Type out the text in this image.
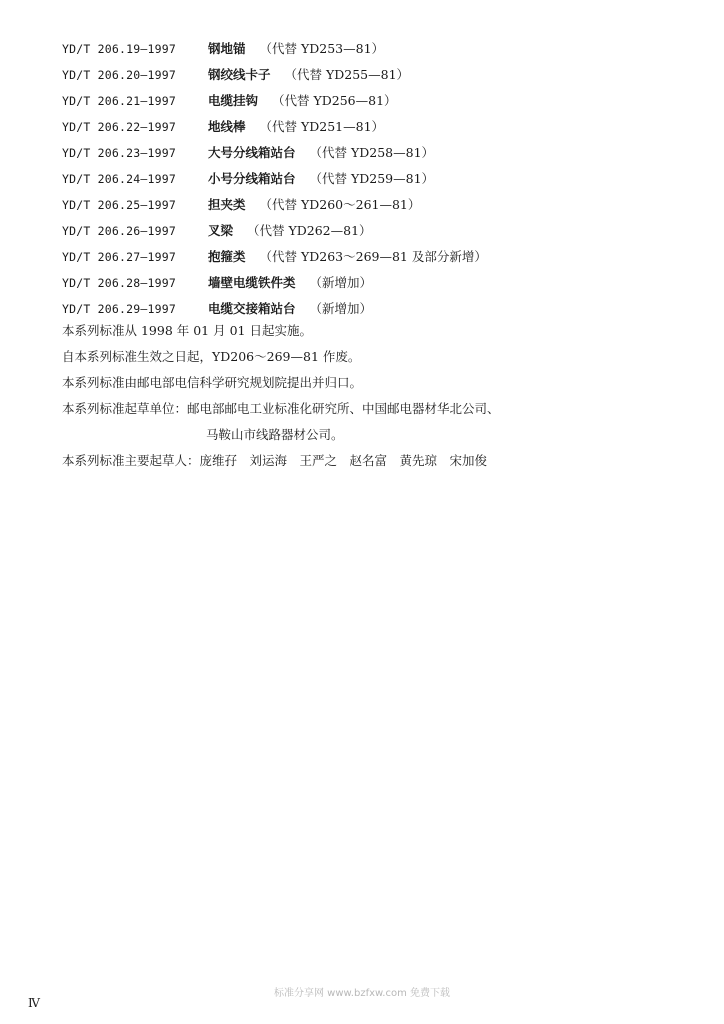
YD/T 206.19—1997	钢地锚 （代替 YD253—81）
YD/T 206.20—1997	钢绞线卡子 （代替 YD255—81）
YD/T 206.21—1997	电缆挂钩 （代替 YD256—81）
YD/T 206.22—1997	地线棒 （代替 YD251—81）
YD/T 206.23—1997	大号分线箱站台 （代替 YD258—81）
YD/T 206.24—1997	小号分线箱站台 （代替 YD259—81）
YD/T 206.25—1997	担夹类 （代替 YD260～261—81）
YD/T 206.26—1997	叉梁 （代替 YD262—81）
YD/T 206.27—1997	抱箍类 （代替 YD263～269—81 及部分新增）
YD/T 206.28—1997	墙壁电缆铁件类 （新增加）
YD/T 206.29—1997	电缆交接箱站台 （新增加）
本系列标准从 1998 年 01 月 01 日起实施。
自本系列标准生效之日起，YD206～269—81 作废。
本系列标准由邮电部电信科学研究规划院提出并归口。
本系列标准起草单位：邮电部邮电工业标准化研究所、中国邮电器材华北公司、
马鞍山市线路器材公司。
本系列标准主要起草人：庞维孖　刘运海　王严之　赵名富　黄先琼　宋加俊
标准分享网 www.bzfxw.com 免费下载
Ⅳ
